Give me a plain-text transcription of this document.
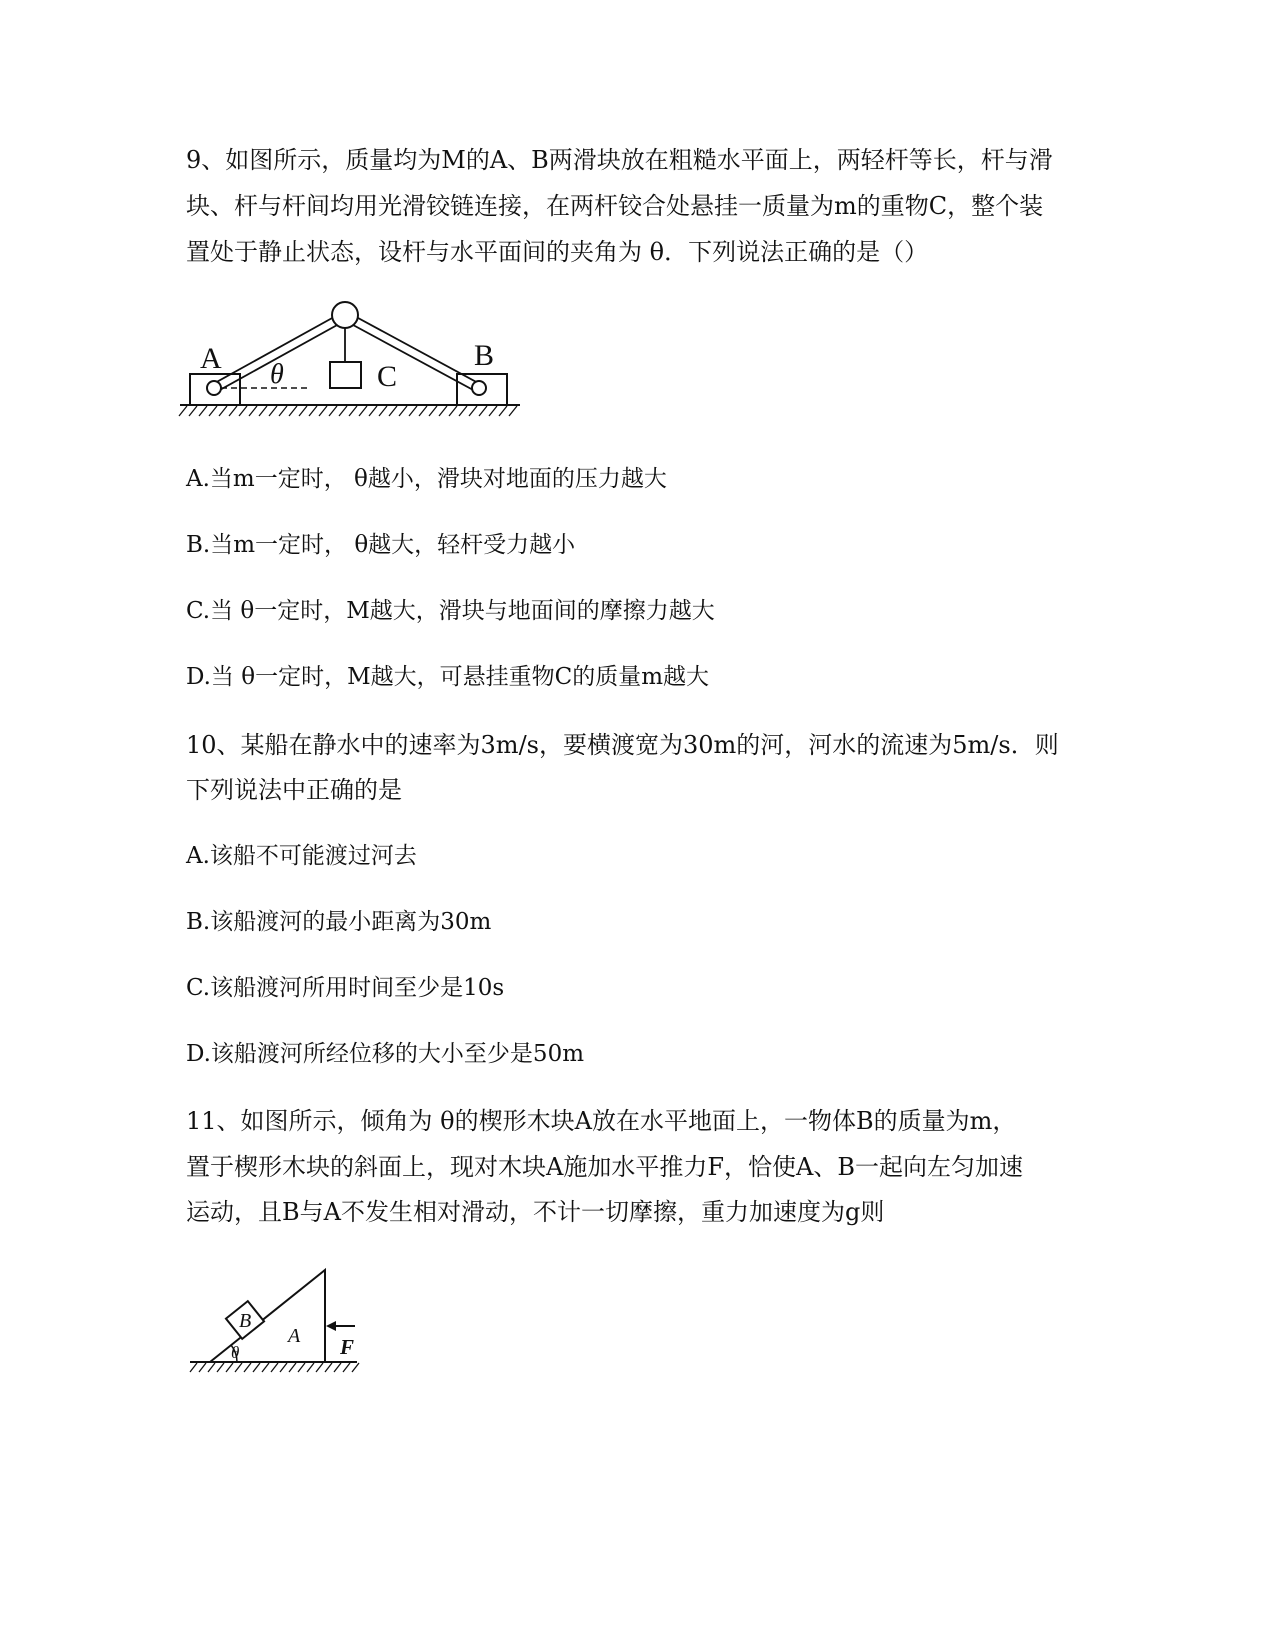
9、如图所示，质量均为M的A、B两滑块放在粗糙水平面上，两轻杆等长，杆与滑
块、杆与杆间均用光滑铰链连接，在两杆铰合处悬挂一质量为m的重物C，整个装
置处于静止状态，设杆与水平面间的夹角为 θ．下列说法正确的是（）
A	B
C
θ
A.当m一定时， θ越小，滑块对地面的压力越大
B.当m一定时， θ越大，轻杆受力越小
C.当 θ一定时，M越大，滑块与地面间的摩擦力越大
D.当 θ一定时，M越大，可悬挂重物C的质量m越大
10、某船在静水中的速率为3m/s，要横渡宽为30m的河，河水的流速为5m/s．则
下列说法中正确的是
A.该船不可能渡过河去
B.该船渡河的最小距离为30m
C.该船渡河所用时间至少是10s
D.该船渡河所经位移的大小至少是50m
11、如图所示，倾角为 θ的楔形木块A放在水平地面上，一物体B的质量为m，
置于楔形木块的斜面上，现对木块A施加水平推力F，恰使A、B一起向左匀加速
运动，且B与A不发生相对滑动，不计一切摩擦，重力加速度为g则
B
A F
θ
